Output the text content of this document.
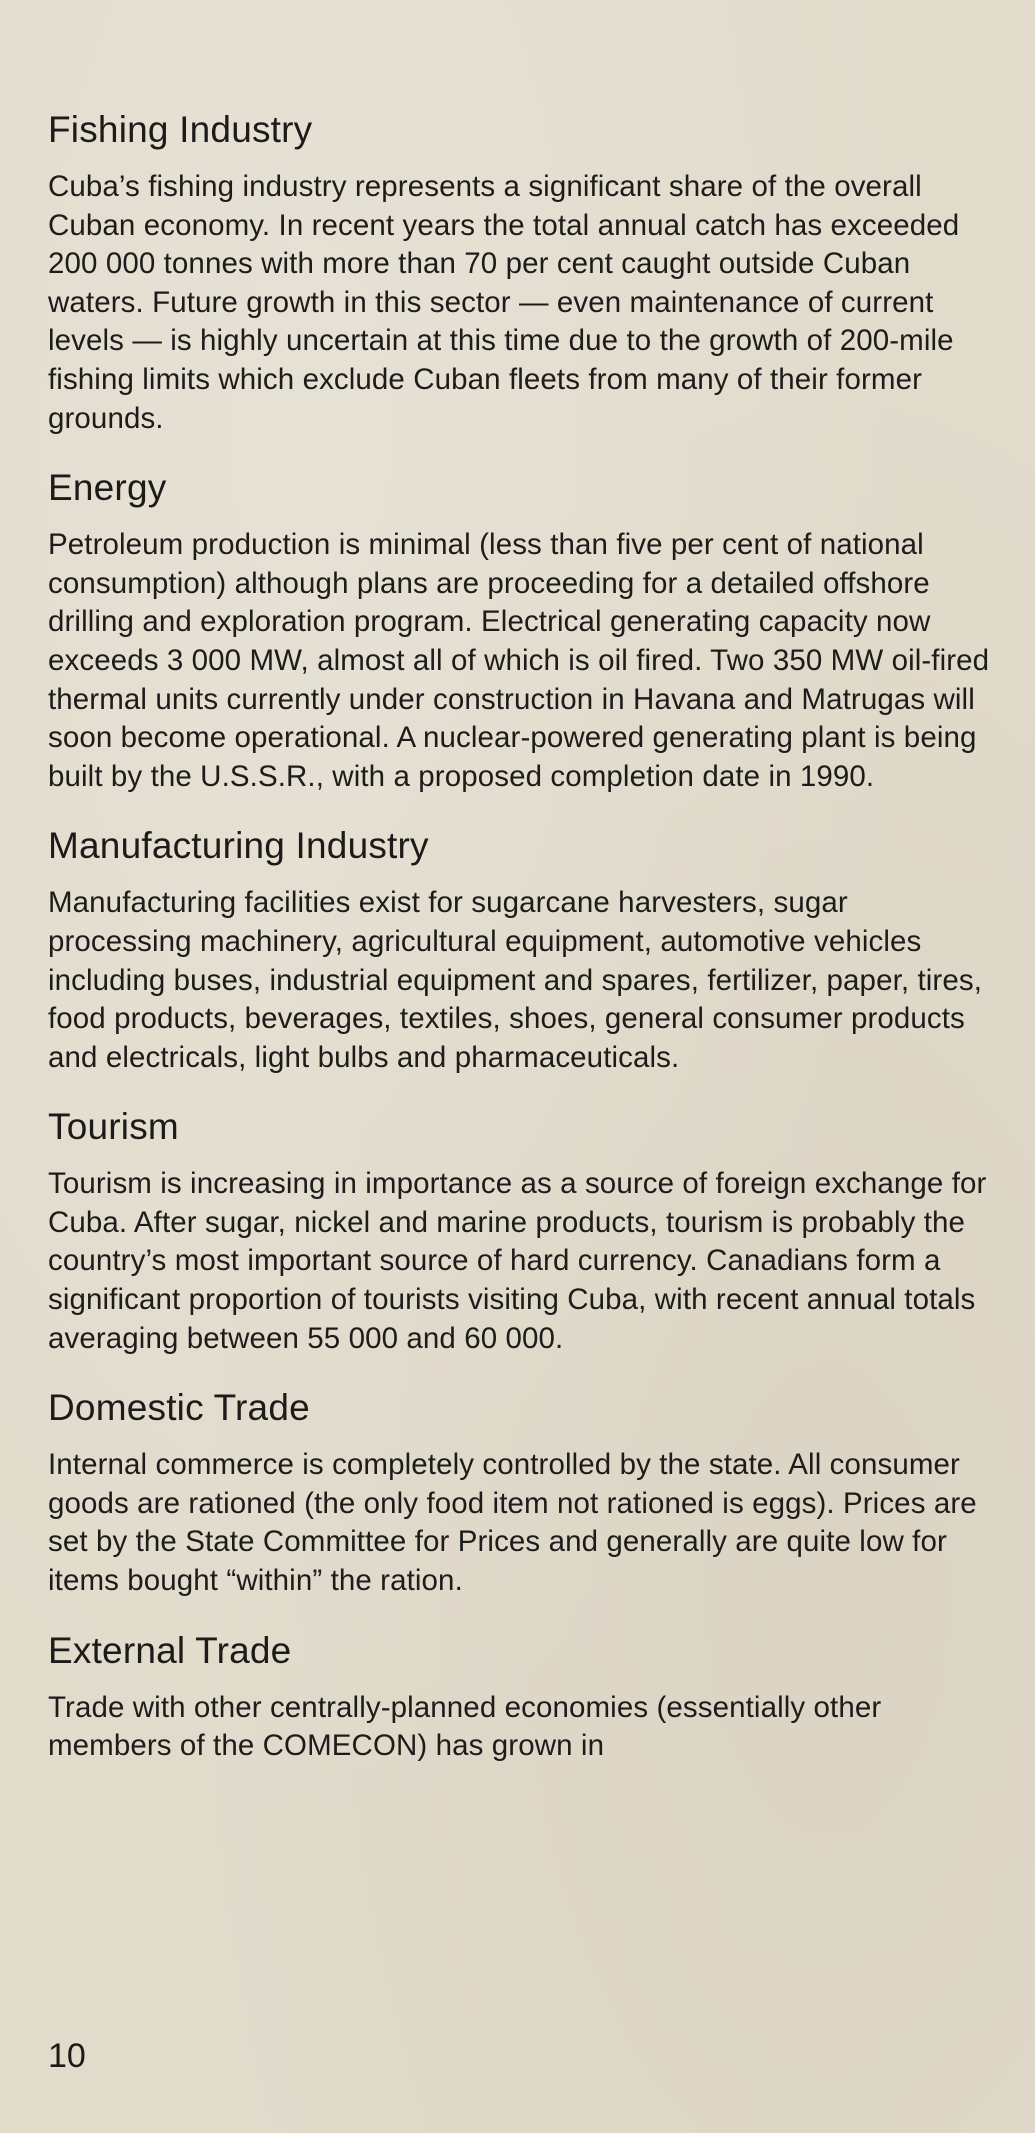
Fishing Industry

Cuba’s fishing industry represents a significant share of the overall Cuban economy. In recent years the total annual catch has exceeded 200 000 tonnes with more than 70 per cent caught outside Cuban waters. Future growth in this sector — even maintenance of current levels — is highly uncertain at this time due to the growth of 200-mile fishing limits which exclude Cuban fleets from many of their former grounds.

Energy

Petroleum production is minimal (less than five per cent of national consumption) although plans are proceeding for a detailed offshore drilling and exploration program. Electrical generating capacity now exceeds 3 000 MW, almost all of which is oil fired. Two 350 MW oil-fired thermal units currently under construction in Havana and Matrugas will soon become operational. A nuclear-powered generating plant is being built by the U.S.S.R., with a proposed completion date in 1990.

Manufacturing Industry

Manufacturing facilities exist for sugarcane harvesters, sugar processing machinery, agricultural equipment, automotive vehicles including buses, industrial equipment and spares, fertilizer, paper, tires, food products, beverages, textiles, shoes, general consumer products and electricals, light bulbs and pharmaceuticals.

Tourism

Tourism is increasing in importance as a source of foreign exchange for Cuba. After sugar, nickel and marine products, tourism is probably the country’s most important source of hard currency. Canadians form a significant proportion of tourists visiting Cuba, with recent annual totals averaging between 55 000 and 60 000.

Domestic Trade

Internal commerce is completely controlled by the state. All consumer goods are rationed (the only food item not rationed is eggs). Prices are set by the State Committee for Prices and generally are quite low for items bought “within” the ration.

External Trade

Trade with other centrally-planned economies (essentially other members of the COMECON) has grown in

10
